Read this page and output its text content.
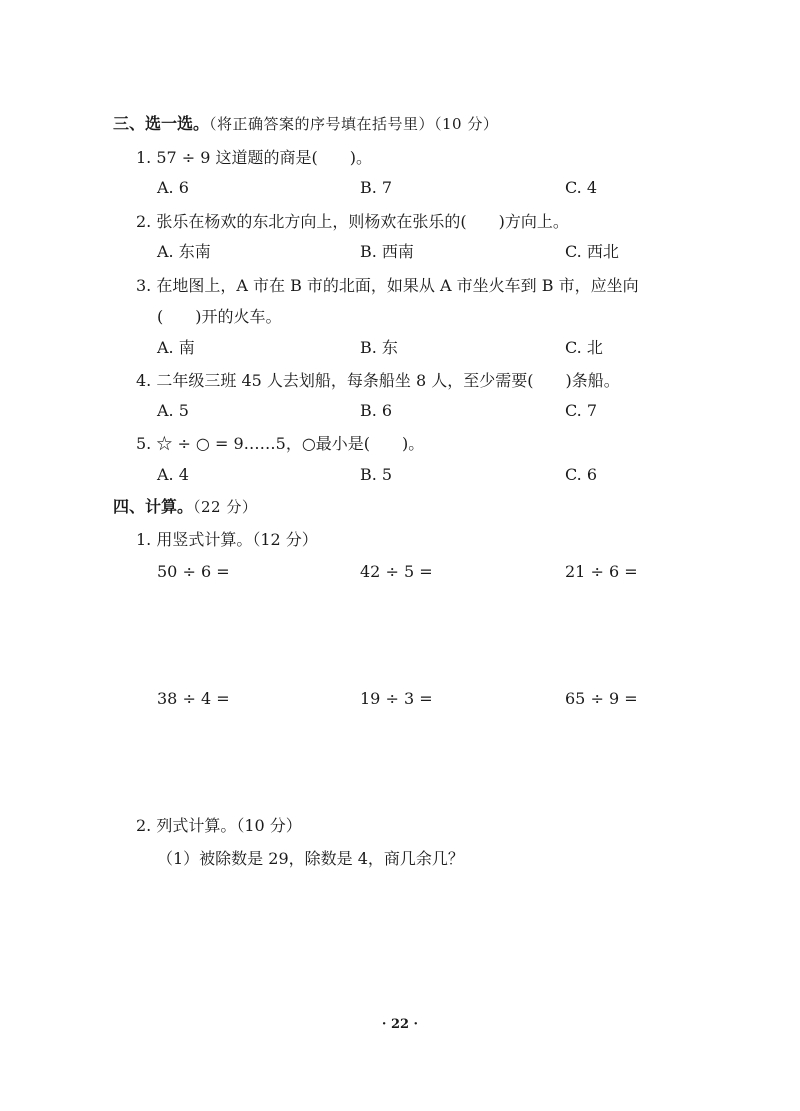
三、选一选。（将正确答案的序号填在括号里）（10 分）
1. 57 ÷ 9 这道题的商是(　　)。
A. 6	B. 7	C. 4
2. 张乐在杨欢的东北方向上，则杨欢在张乐的(　　)方向上。
A. 东南	B. 西南	C. 西北
3. 在地图上，A 市在 B 市的北面，如果从 A 市坐火车到 B 市，应坐向
(　　)开的火车。
A. 南	B. 东	C. 北
4. 二年级三班 45 人去划船，每条船坐 8 人，至少需要(　　)条船。
A. 5	B. 6	C. 7
5. ☆ ÷ ○ = 9……5，○最小是(　　)。
A. 4	B. 5	C. 6
四、计算。（22 分）
1. 用竖式计算。（12 分）
50 ÷ 6 =	42 ÷ 5 =	21 ÷ 6 =
38 ÷ 4 =	19 ÷ 3 =	65 ÷ 9 =
2. 列式计算。（10 分）
（1）被除数是 29，除数是 4，商几余几？
· 22 ·
